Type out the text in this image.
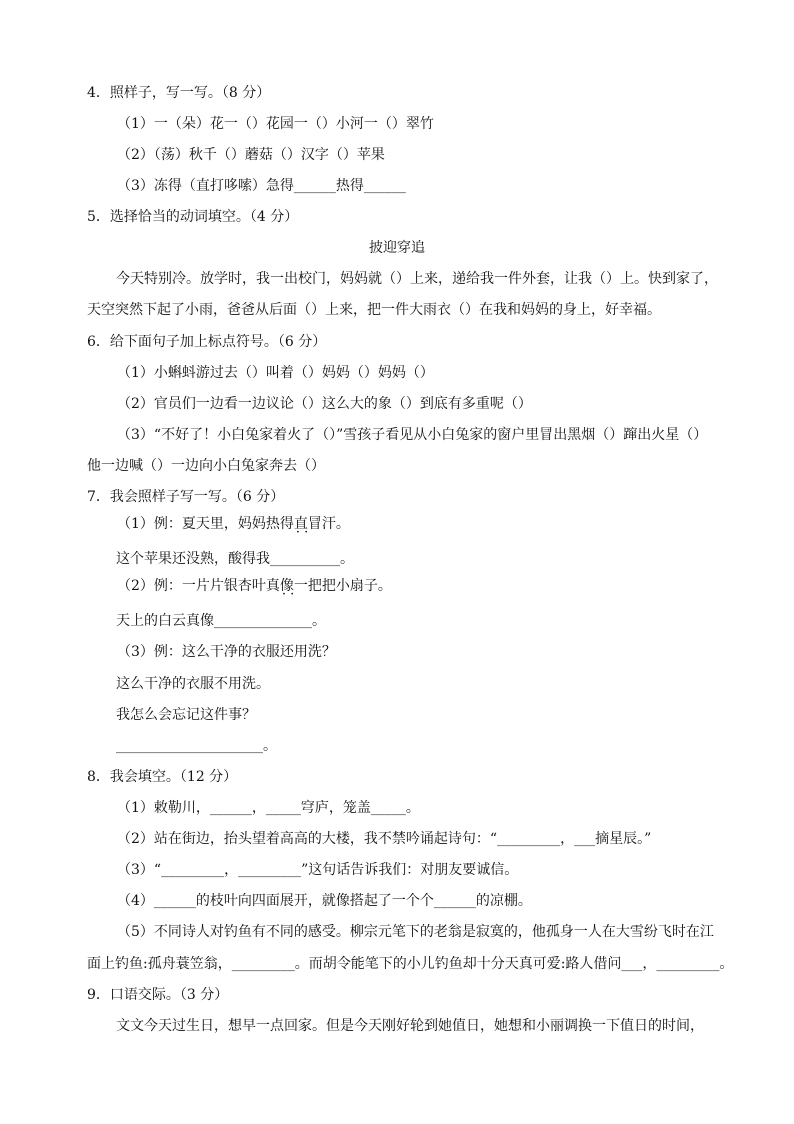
4．照样子，写一写。（8 分）
（1）一（朵）花一（）花园一（）小河一（）翠竹
（2）（荡）秋千（）蘑菇（）汉字（）苹果
（3）冻得（直打哆嗦）急得______热得______
5．选择恰当的动词填空。（4 分）
披迎穿追
今天特别冷。放学时，我一出校门，妈妈就（）上来，递给我一件外套，让我（）上。快到家了，
天空突然下起了小雨，爸爸从后面（）上来，把一件大雨衣（）在我和妈妈的身上，好幸福。
6．给下面句子加上标点符号。（6 分）
（1）小蝌蚪游过去（）叫着（）妈妈（）妈妈（）
（2）官员们一边看一边议论（）这么大的象（）到底有多重呢（）
（3）“不好了！小白兔家着火了（）”雪孩子看见从小白兔家的窗户里冒出黑烟（）蹿出火星（）
他一边喊（）一边向小白兔家奔去（）
7．我会照样子写一写。（6 分）
（1）例：夏天里，妈妈热得直冒 · ·汗。
这个苹果还没熟，酸得我__________。
（2）例：一片片银杏叶真像 · ·一把把小扇子。
天上的白云真像______________。
（3）例：这么干净的衣服还用洗？
这么干净的衣服不用洗。
我怎么会忘记这件事？
_____________________。
8．我会填空。（12 分）
（1）敕勒川，______，_____穹庐，笼盖_____。
（2）站在街边，抬头望着高高的大楼，我不禁吟诵起诗句：“_________，___摘星辰。”
（3）“_________，_________”这句话告诉我们：对朋友要诚信。
（4）______的枝叶向四面展开，就像搭起了一个个______的凉棚。
（5）不同诗人对钓鱼有不同的感受。柳宗元笔下的老翁是寂寞的，他孤身一人在大雪纷飞时在江
面上钓鱼:孤舟蓑笠翁，_________。而胡令能笔下的小儿钓鱼却十分天真可爱:路人借问___，_________。
9．口语交际。（3 分）
文文今天过生日，想早一点回家。但是今天刚好轮到她值日，她想和小丽调换一下值日的时间，
